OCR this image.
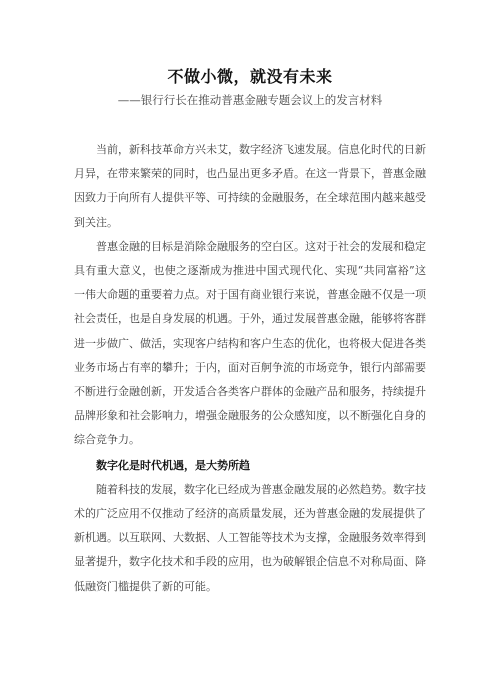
不做小微，就没有未来
——银行行长在推动普惠金融专题会议上的发言材料

当前，新科技革命方兴未艾，数字经济飞速发展。信息化时代的日新月异，在带来繁荣的同时，也凸显出更多矛盾。在这一背景下，普惠金融因致力于向所有人提供平等、可持续的金融服务，在全球范围内越来越受到关注。

普惠金融的目标是消除金融服务的空白区。这对于社会的发展和稳定具有重大意义，也使之逐渐成为推进中国式现代化、实现“共同富裕”这一伟大命题的重要着力点。对于国有商业银行来说，普惠金融不仅是一项社会责任，也是自身发展的机遇。于外，通过发展普惠金融，能够将客群进一步做广、做活，实现客户结构和客户生态的优化，也将极大促进各类业务市场占有率的攀升；于内，面对百舸争流的市场竞争，银行内部需要不断进行金融创新，开发适合各类客户群体的金融产品和服务，持续提升品牌形象和社会影响力，增强金融服务的公众感知度，以不断强化自身的综合竞争力。

数字化是时代机遇，是大势所趋

随着科技的发展，数字化已经成为普惠金融发展的必然趋势。数字技术的广泛应用不仅推动了经济的高质量发展，还为普惠金融的发展提供了新机遇。以互联网、大数据、人工智能等技术为支撑，金融服务效率得到显著提升，数字化技术和手段的应用，也为破解银企信息不对称局面、降低融资门槛提供了新的可能。
